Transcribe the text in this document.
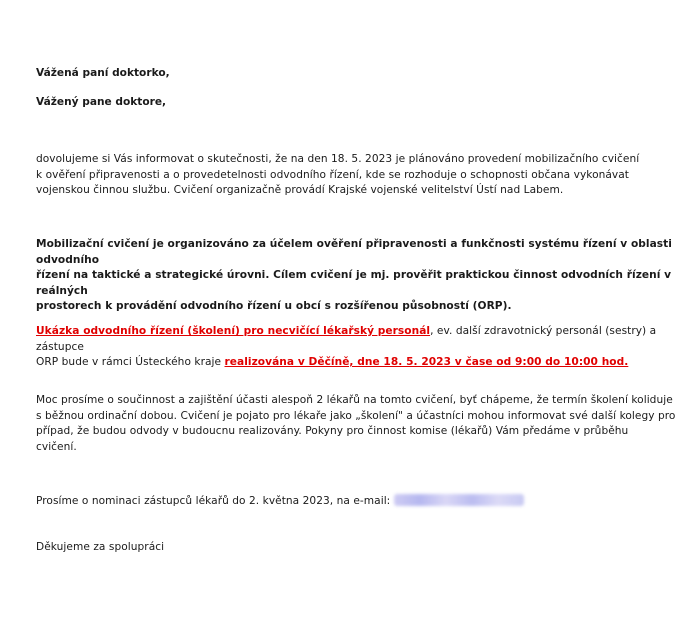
Vážená paní doktorko,
Vážený pane doktore,
dovolujeme si Vás informovat o skutečnosti, že na den 18. 5. 2023 je plánováno provedení mobilizačního cvičení
k ověření připravenosti a o provedetelnosti odvodního řízení, kde se rozhoduje o schopnosti občana vykonávat
vojenskou činnou službu. Cvičení organizačně provádí Krajské vojenské velitelství Ústí nad Labem.
Mobilizační cvičení je organizováno za účelem ověření připravenosti a funkčnosti systému řízení v oblasti odvodního
řízení na taktické a strategické úrovni. Cílem cvičení je mj. prověřit praktickou činnost odvodních řízení v reálných
prostorech k provádění odvodního řízení u obcí s rozšířenou působností (ORP).
Ukázka odvodního řízení (školení) pro necvičící lékařský personál, ev. další zdravotnický personál (sestry) a zástupce
ORP bude v rámci Ústeckého kraje realizována v Děčíně, dne 18. 5. 2023 v čase od 9:00 do 10:00 hod.
Moc prosíme o součinnost a zajištění účasti alespoň 2 lékařů na tomto cvičení, byť chápeme, že termín školení koliduje
s běžnou ordinační dobou. Cvičení je pojato pro lékaře jako „školení" a účastníci mohou informovat své další kolegy pro
případ, že budou odvody v budoucnu realizovány. Pokyny pro činnost komise (lékařů) Vám předáme v průběhu
cvičení.
Prosíme o nominaci zástupců lékařů do 2. května 2023, na e-mail:
Děkujeme za spolupráci
